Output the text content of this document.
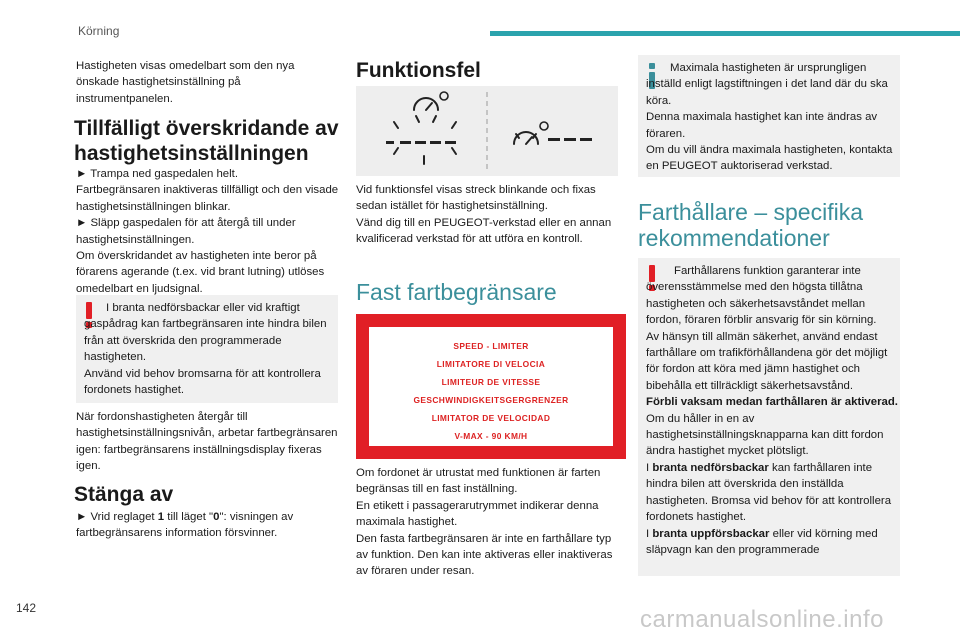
Körning
Hastigheten visas omedelbart som den nya önskade hastighetsinställning på instrumentpanelen.
Tillfälligt överskridande av hastighetsinställningen

► Trampa ned gaspedalen helt.

Fartbegränsaren inaktiveras tillfälligt och den visade hastighetsinställningen blinkar.

► Släpp gaspedalen för att återgå till under hastighetsinställningen.

Om överskridandet av hastigheten inte beror på förarens agerande (t.ex. vid brant lutning) utlöses omedelbart en ljudsignal.

I branta nedförsbackar eller vid kraftigt gaspådrag kan fartbegränsaren inte hindra bilen från att överskrida den programmerade hastigheten.
Använd vid behov bromsarna för att kontrollera fordonets hastighet.
När fordonshastigheten återgår till hastighetsinställningsnivån, arbetar fartbegränsaren igen: fartbegränsarens inställningsdisplay fixeras igen.
Stänga av
► Vrid reglaget 1 till läget "0": visningen av fartbegränsarens information försvinner.
Funktionsfel
Vid funktionsfel visas streck blinkande och fixas sedan istället för hastighetsinställning.
Vänd dig till en PEUGEOT-verkstad eller en annan kvalificerad verkstad för att utföra en kontroll.
Fast fartbegränsare
SPEED - LIMITER
LIMITATORE DI VELOCIA
LIMITEUR DE VITESSE
GESCHWINDIGKEITSGERGRENZER
LIMITATOR DE VELOCIDAD
V-MAX - 90 KM/H
Om fordonet är utrustat med funktionen är farten begränsas till en fast inställning.
En etikett i passagerarutrymmet indikerar denna maximala hastighet.
Den fasta fartbegränsaren är inte en farthållare typ av funktion. Den kan inte aktiveras eller inaktiveras av föraren under resan.

Maximala hastigheten är ursprungligen inställd enligt lagstiftningen i det land där du ska köra.

Denna maximala hastighet kan inte ändras av föraren.

Om du vill ändra maximala hastigheten, kontakta en PEUGEOT auktoriserad verkstad.

Farthållare – specifika rekommendationer

Farthållarens funktion garanterar inte överensstämmelse med den högsta tillåtna hastigheten och säkerhetsavståndet mellan fordon, föraren förblir ansvarig för sin körning.

Av hänsyn till allmän säkerhet, använd endast farthållare om trafikförhållandena gör det möjligt för fordon att köra med jämn hastighet och bibehålla ett tillräckligt säkerhetsavstånd.

Förbli vaksam medan farthållaren är aktiverad. Om du håller in en av hastighetsinställningsknapparna kan ditt fordon ändra hastighet mycket plötsligt.

I branta nedförsbackar kan farthållaren inte hindra bilen att överskrida den inställda hastigheten. Bromsa vid behov för att kontrollera fordonets hastighet.

I branta uppförsbackar eller vid körning med släpvagn kan den programmerade

142	carmanualsonline.info
